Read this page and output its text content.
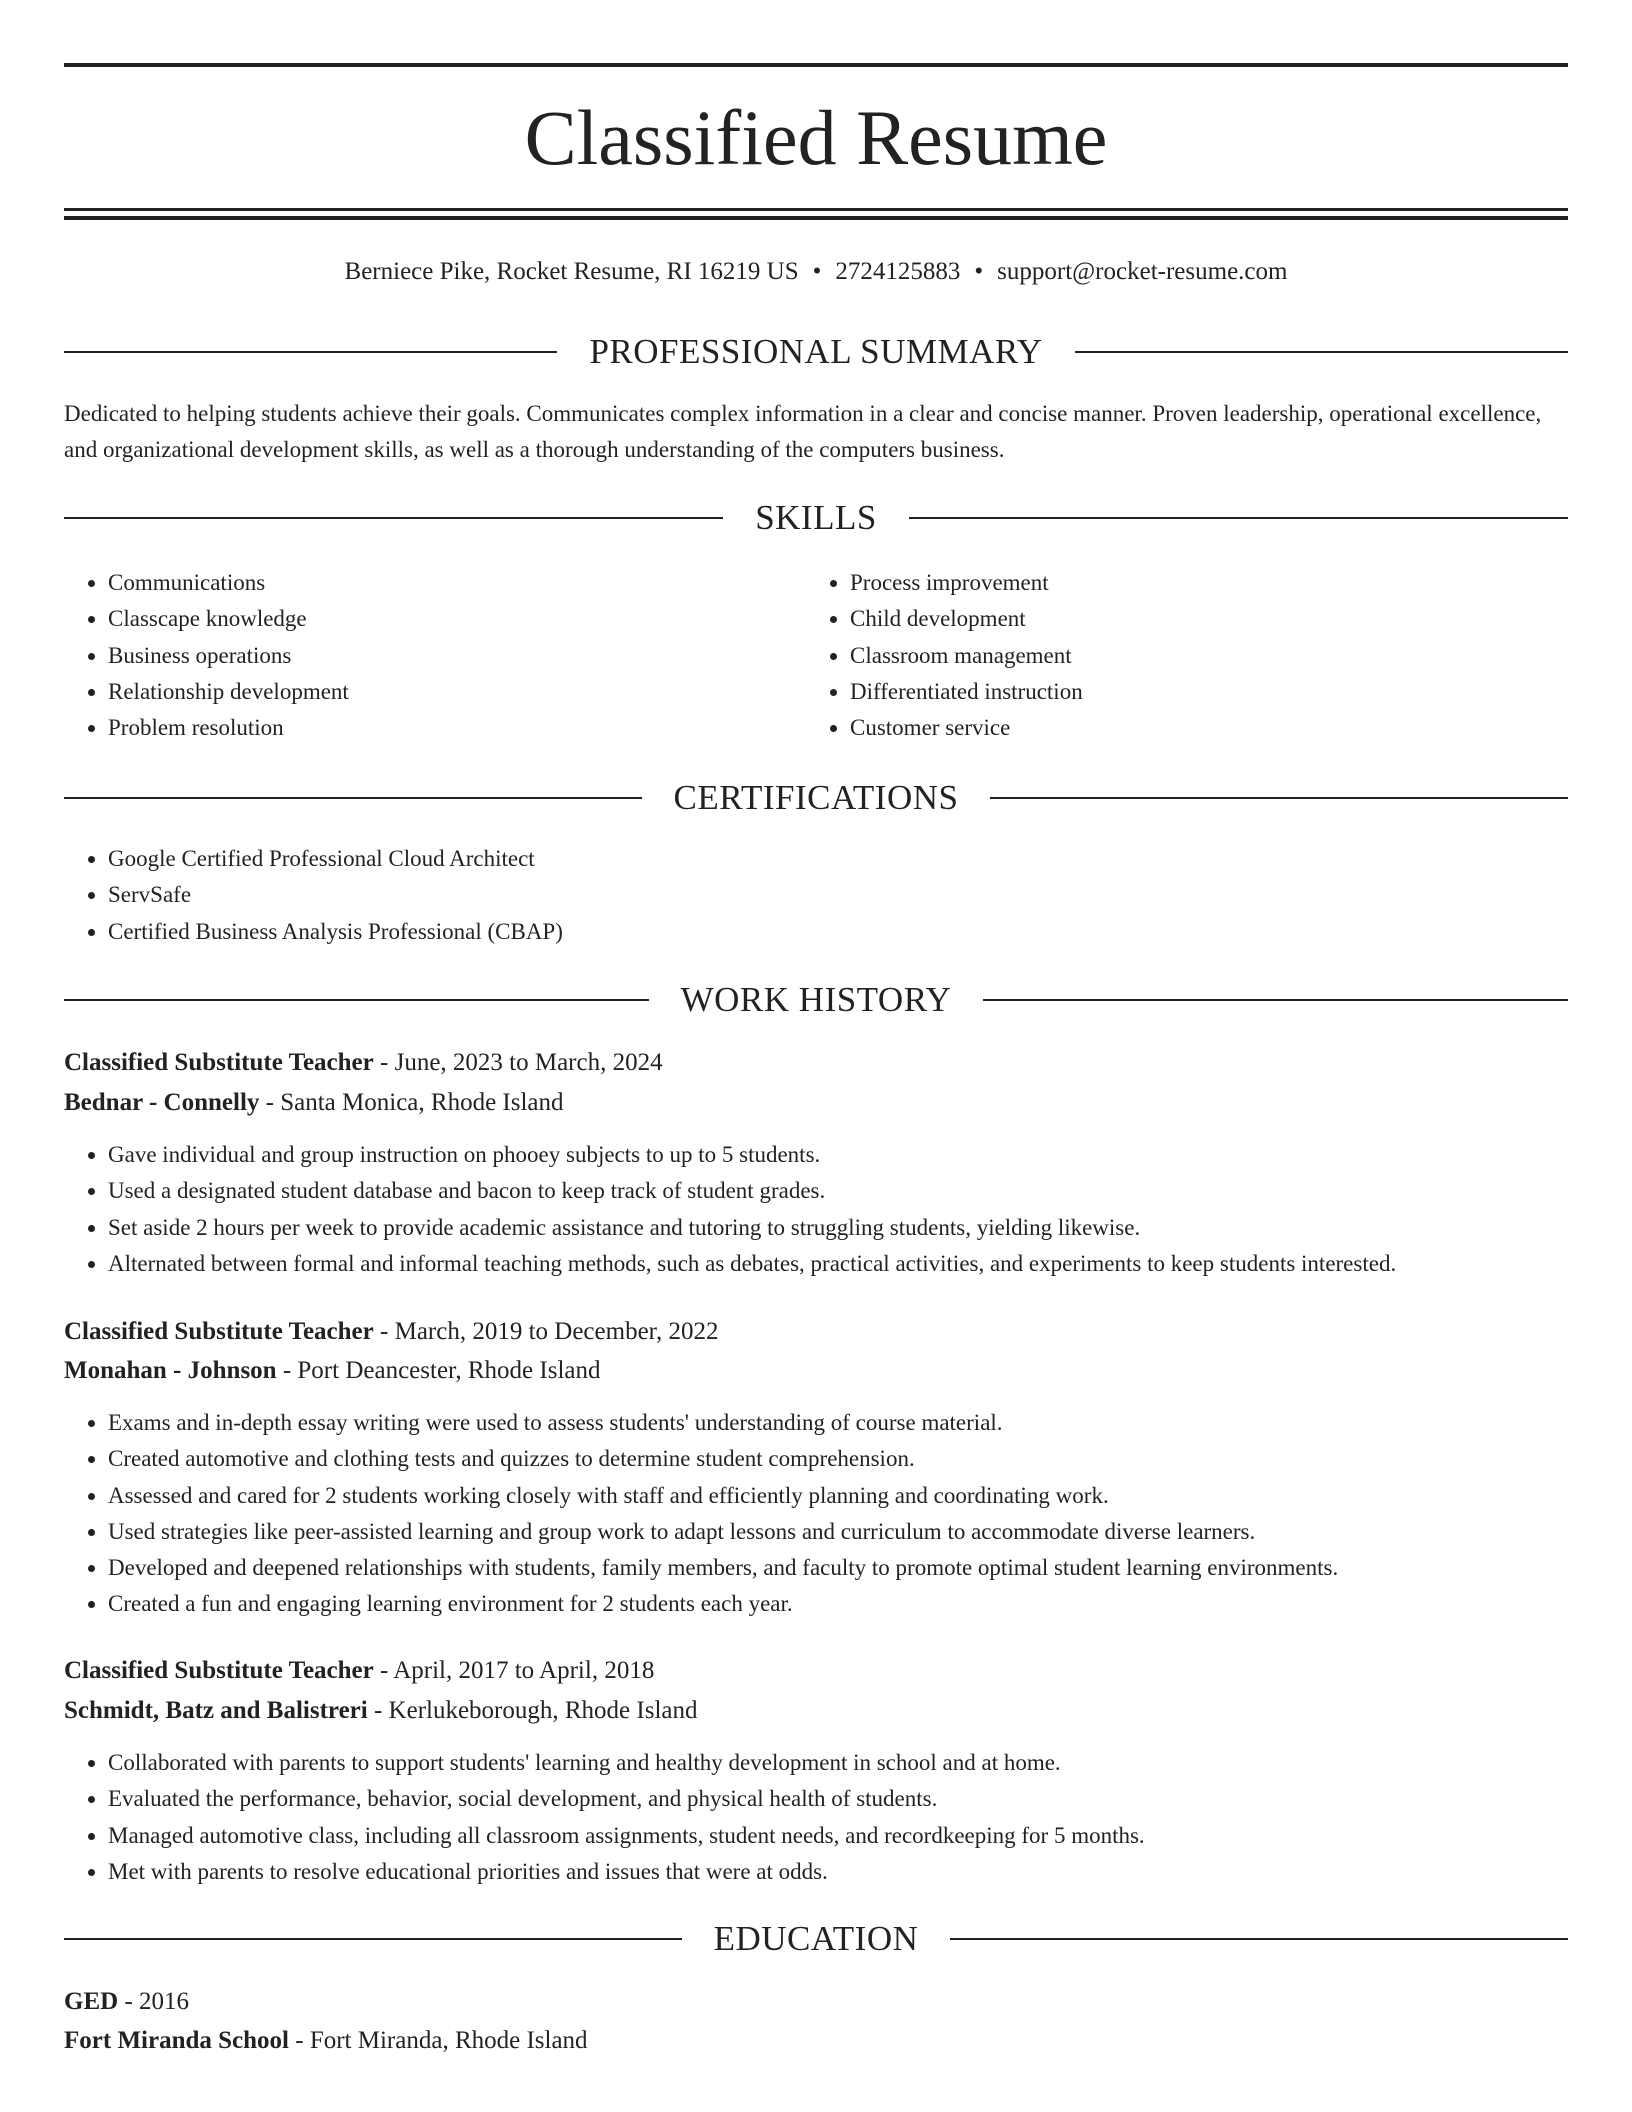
Classified Resume
Berniece Pike, Rocket Resume, RI 16219 US • 2724125883 • support@rocket-resume.com
PROFESSIONAL SUMMARY

Dedicated to helping students achieve their goals. Communicates complex information in a clear and concise manner. Proven leadership, operational excellence, and organizational development skills, as well as a thorough understanding of the computers business.

SKILLS
• Communications
• Classcape knowledge
• Business operations
• Relationship development
• Problem resolution
• Process improvement
• Child development
• Classroom management
• Differentiated instruction
• Customer service
CERTIFICATIONS
• Google Certified Professional Cloud Architect
• ServSafe
• Certified Business Analysis Professional (CBAP)
WORK HISTORY
Classified Substitute Teacher - June, 2023 to March, 2024
Bednar - Connelly - Santa Monica, Rhode Island
• Gave individual and group instruction on phooey subjects to up to 5 students.
• Used a designated student database and bacon to keep track of student grades.
• Set aside 2 hours per week to provide academic assistance and tutoring to struggling students, yielding likewise.
• Alternated between formal and informal teaching methods, such as debates, practical activities, and experiments to keep students interested.
Classified Substitute Teacher - March, 2019 to December, 2022
Monahan - Johnson - Port Deancester, Rhode Island
• Exams and in-depth essay writing were used to assess students' understanding of course material.
• Created automotive and clothing tests and quizzes to determine student comprehension.
• Assessed and cared for 2 students working closely with staff and efficiently planning and coordinating work.
• Used strategies like peer-assisted learning and group work to adapt lessons and curriculum to accommodate diverse learners.
• Developed and deepened relationships with students, family members, and faculty to promote optimal student learning environments.
• Created a fun and engaging learning environment for 2 students each year.
Classified Substitute Teacher - April, 2017 to April, 2018
Schmidt, Batz and Balistreri - Kerlukeborough, Rhode Island
• Collaborated with parents to support students' learning and healthy development in school and at home.
• Evaluated the performance, behavior, social development, and physical health of students.
• Managed automotive class, including all classroom assignments, student needs, and recordkeeping for 5 months.
• Met with parents to resolve educational priorities and issues that were at odds.
EDUCATION
GED - 2016
Fort Miranda School - Fort Miranda, Rhode Island
